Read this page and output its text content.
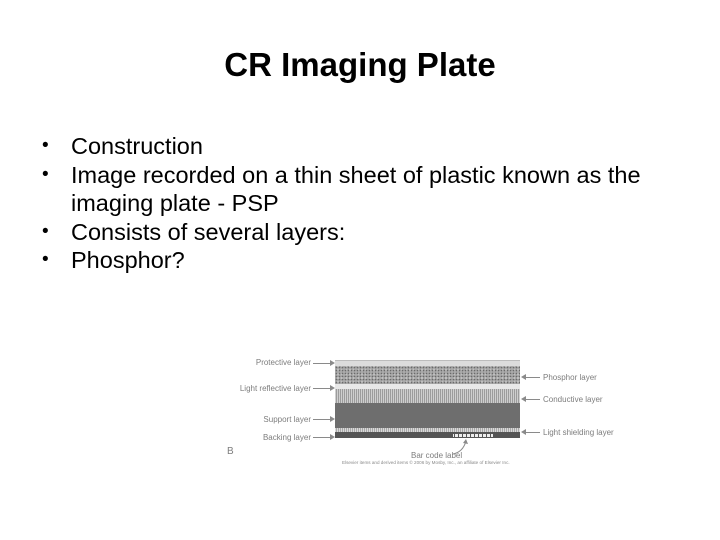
CR Imaging Plate
• Construction
• Image recorded on a thin sheet of plastic known as the imaging plate - PSP
• Consists of several layers:
• Phosphor?
Protective layer
Light reflective layer
Support layer
Backing layer
Phosphor layer
Conductive layer
Light shielding layer
Bar code label
B
Elsevier items and derived items © 2006 by Mosby, Inc., an affiliate of Elsevier Inc.
